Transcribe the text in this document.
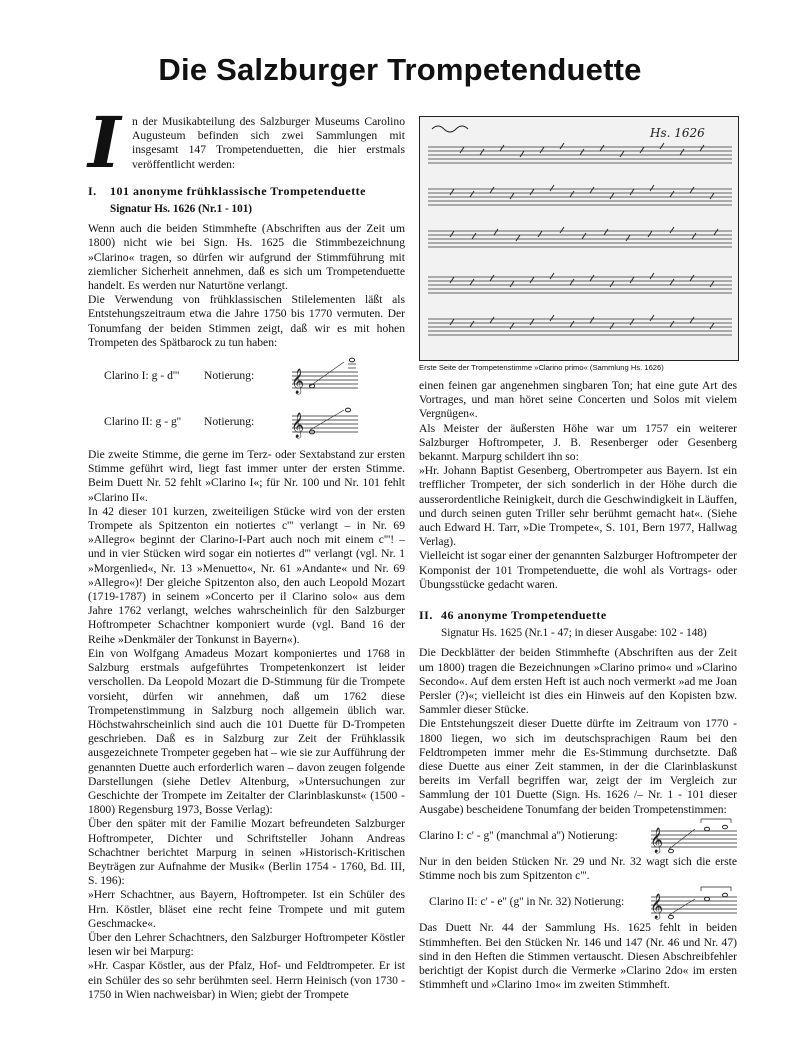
Die Salzburger Trompetenduette

I n der Musikabteilung des Salzburger Museums Carolino Augusteum befinden sich zwei Sammlungen mit insgesamt 147 Trompetenduetten, die hier erstmals veröffentlicht werden:

I. 101 anonyme frühklassische Trompetenduette
Signatur Hs. 1626 (Nr.1 - 101)

Wenn auch die beiden Stimmhefte (Abschriften aus der Zeit um 1800) nicht wie bei Sign. Hs. 1625 die Stimmbezeichnung »Clarino« tragen, so dürfen wir aufgrund der Stimmführung mit ziemlicher Sicherheit annehmen, daß es sich um Trompetenduette handelt. Es werden nur Naturtöne verlangt.

Die Verwendung von frühklassischen Stilelementen läßt als Entstehungszeitraum etwa die Jahre 1750 bis 1770 vermuten. Der Tonumfang der beiden Stimmen zeigt, daß wir es mit hohen Trompeten des Spätbarock zu tun haben:

Clarino I: g - d'''	Notierung:	𝄞
Clarino II: g - g''	Notierung:	𝄞

Die zweite Stimme, die gerne im Terz- oder Sextabstand zur ersten Stimme geführt wird, liegt fast immer unter der ersten Stimme. Beim Duett Nr. 52 fehlt »Clarino I«; für Nr. 100 und Nr. 101 fehlt »Clarino II«.

In 42 dieser 101 kurzen, zweiteiligen Stücke wird von der ersten Trompete als Spitzenton ein notiertes c''' verlangt – in Nr. 69 »Allegro« beginnt der Clarino-I-Part auch noch mit einem c'''! – und in vier Stücken wird sogar ein notiertes d''' verlangt (vgl. Nr. 1 »Morgenlied«, Nr. 13 »Menuetto«, Nr. 61 »Andante« und Nr. 69 »Allegro«)! Der gleiche Spitzenton also, den auch Leopold Mozart (1719-1787) in seinem »Concerto per il Clarino solo« aus dem Jahre 1762 verlangt, welches wahrscheinlich für den Salzburger Hoftrompeter Schachtner komponiert wurde (vgl. Band 16 der Reihe »Denkmäler der Tonkunst in Bayern«).

Ein von Wolfgang Amadeus Mozart komponiertes und 1768 in Salzburg erstmals aufgeführtes Trompetenkonzert ist leider verschollen. Da Leopold Mozart die D-Stimmung für die Trompete vorsieht, dürfen wir annehmen, daß um 1762 diese Trompetenstimmung in Salzburg noch allgemein üblich war. Höchstwahrscheinlich sind auch die 101 Duette für D-Trompeten geschrieben. Daß es in Salzburg zur Zeit der Frühklassik ausgezeichnete Trompeter gegeben hat – wie sie zur Aufführung der genannten Duette auch erforderlich waren – davon zeugen folgende Darstellungen (siehe Detlev Altenburg, »Untersuchungen zur Geschichte der Trompete im Zeitalter der Clarinblaskunst« (1500 - 1800) Regensburg 1973, Bosse Verlag):

Über den später mit der Familie Mozart befreundeten Salzburger Hoftrompeter, Dichter und Schriftsteller Johann Andreas Schachtner berichtet Marpurg in seinen »Historisch-Kritischen Beyträgen zur Aufnahme der Musik« (Berlin 1754 - 1760, Bd. III, S. 196):

»Herr Schachtner, aus Bayern, Hoftrompeter. Ist ein Schüler des Hrn. Köstler, bläset eine recht feine Trompete und mit gutem Geschmacke«.

Über den Lehrer Schachtners, den Salzburger Hoftrompeter Köstler lesen wir bei Marpurg:

»Hr. Caspar Köstler, aus der Pfalz, Hof- und Feldtrompeter. Er ist ein Schüler des so sehr berühmten seel. Herrn Heinisch (von 1730 - 1750 in Wien nachweisbar) in Wien; giebt der Trompete

Hs. 1626
Erste Seite der Trompetenstimme »Clarino primo« (Sammlung Hs. 1626)

einen feinen gar angenehmen singbaren Ton; hat eine gute Art des Vortrages, und man höret seine Concerten und Solos mit vielem Vergnügen«.

Als Meister der äußersten Höhe war um 1757 ein weiterer Salzburger Hoftrompeter, J. B. Resenberger oder Gesenberg bekannt. Marpurg schildert ihn so:

»Hr. Johann Baptist Gesenberg, Obertrompeter aus Bayern. Ist ein trefflicher Trompeter, der sich sonderlich in der Höhe durch die ausserordentliche Reinigkeit, durch die Geschwindigkeit in Läuffen, und durch seinen guten Triller sehr berühmt gemacht hat«. (Siehe auch Edward H. Tarr, »Die Trompete«, S. 101, Bern 1977, Hallwag Verlag).

Vielleicht ist sogar einer der genannten Salzburger Hoftrompeter der Komponist der 101 Trompetenduette, die wohl als Vortrags- oder Übungsstücke gedacht waren.

II. 46 anonyme Trompetenduette
Signatur Hs. 1625 (Nr.1 - 47; in dieser Ausgabe: 102 - 148)

Die Deckblätter der beiden Stimmhefte (Abschriften aus der Zeit um 1800) tragen die Bezeichnungen »Clarino primo« und »Clarino Secondo«. Auf dem ersten Heft ist auch noch vermerkt »ad me Joan Persler (?)«; vielleicht ist dies ein Hinweis auf den Kopisten bzw. Sammler dieser Stücke.

Die Entstehungszeit dieser Duette dürfte im Zeitraum von 1770 - 1800 liegen, wo sich im deutschsprachigen Raum bei den Feldtrompeten immer mehr die Es-Stimmung durchsetzte. Daß diese Duette aus einer Zeit stammen, in der die Clarinblaskunst bereits im Verfall begriffen war, zeigt der im Vergleich zur Sammlung der 101 Duette (Sign. Hs. 1626 /– Nr. 1 - 101 dieser Ausgabe) bescheidene Tonumfang der beiden Trompetenstimmen:

Clarino I: c' - g'' (manchmal a'') Notierung:	𝄞

Nur in den beiden Stücken Nr. 29 und Nr. 32 wagt sich die erste Stimme noch bis zum Spitzenton c'''.

Clarino II: c' - e'' (g'' in Nr. 32) Notierung:	𝄞

Das Duett Nr. 44 der Sammlung Hs. 1625 fehlt in beiden Stimmheften. Bei den Stücken Nr. 146 und 147 (Nr. 46 und Nr. 47) sind in den Heften die Stimmen vertauscht. Diesen Abschreibfehler berichtigt der Kopist durch die Vermerke »Clarino 2do« im ersten Stimmheft und »Clarino 1mo« im zweiten Stimmheft.
